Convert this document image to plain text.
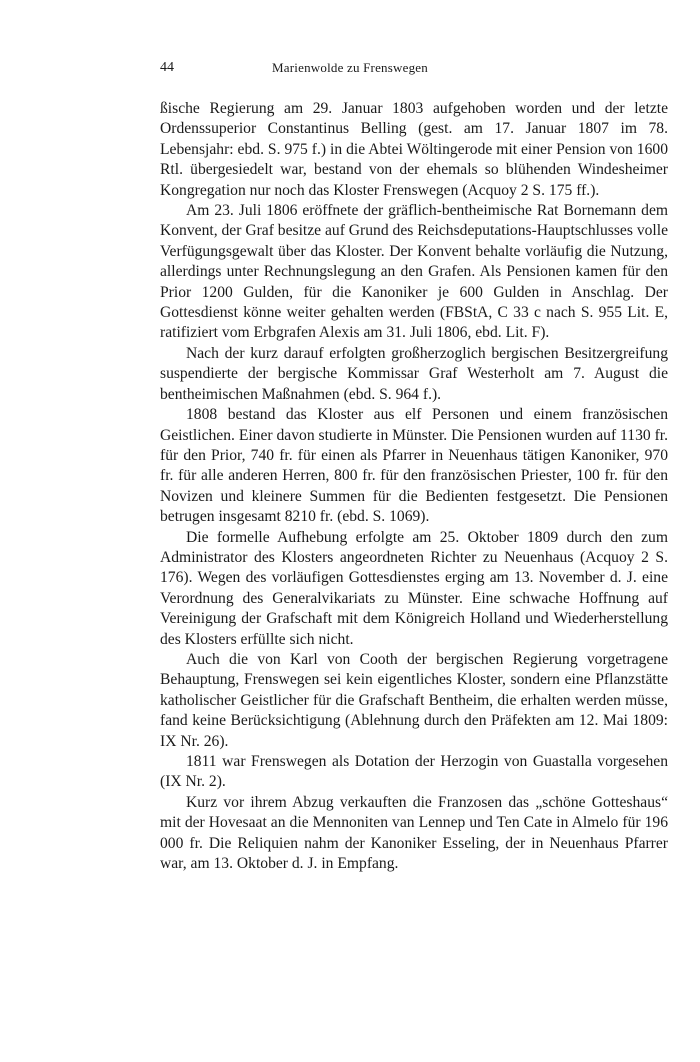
44	Marienwolde zu Frenswegen

ßische Regierung am 29. Januar 1803 aufgehoben worden und der letzte Ordenssuperior Constantinus Belling (gest. am 17. Januar 1807 im 78. Lebensjahr: ebd. S. 975 f.) in die Abtei Wöltingerode mit einer Pension von 1600 Rtl. übergesiedelt war, bestand von der ehemals so blühenden Windesheimer Kongregation nur noch das Kloster Frenswegen (Acquoy 2 S. 175 ff.).

Am 23. Juli 1806 eröffnete der gräflich-bentheimische Rat Bornemann dem Konvent, der Graf besitze auf Grund des Reichsdeputations-Hauptschlusses volle Verfügungsgewalt über das Kloster. Der Konvent behalte vorläufig die Nutzung, allerdings unter Rechnungslegung an den Grafen. Als Pensionen kamen für den Prior 1200 Gulden, für die Kanoniker je 600 Gulden in Anschlag. Der Gottesdienst könne weiter gehalten werden (FBStA, C 33 c nach S. 955 Lit. E, ratifiziert vom Erbgrafen Alexis am 31. Juli 1806, ebd. Lit. F).

Nach der kurz darauf erfolgten großherzoglich bergischen Besitzergreifung suspendierte der bergische Kommissar Graf Westerholt am 7. August die bentheimischen Maßnahmen (ebd. S. 964 f.).

1808 bestand das Kloster aus elf Personen und einem französischen Geistlichen. Einer davon studierte in Münster. Die Pensionen wurden auf 1130 fr. für den Prior, 740 fr. für einen als Pfarrer in Neuenhaus tätigen Kanoniker, 970 fr. für alle anderen Herren, 800 fr. für den französischen Priester, 100 fr. für den Novizen und kleinere Summen für die Bedienten festgesetzt. Die Pensionen betrugen insgesamt 8210 fr. (ebd. S. 1069).

Die formelle Aufhebung erfolgte am 25. Oktober 1809 durch den zum Administrator des Klosters angeordneten Richter zu Neuenhaus (Acquoy 2 S. 176). Wegen des vorläufigen Gottesdienstes erging am 13. November d. J. eine Verordnung des Generalvikariats zu Münster. Eine schwache Hoffnung auf Vereinigung der Grafschaft mit dem Königreich Holland und Wiederherstellung des Klosters erfüllte sich nicht.

Auch die von Karl von Cooth der bergischen Regierung vorgetragene Behauptung, Frenswegen sei kein eigentliches Kloster, sondern eine Pflanzstätte katholischer Geistlicher für die Grafschaft Bentheim, die erhalten werden müsse, fand keine Berücksichtigung (Ablehnung durch den Präfekten am 12. Mai 1809: IX Nr. 26).

1811 war Frenswegen als Dotation der Herzogin von Guastalla vorgesehen (IX Nr. 2).

Kurz vor ihrem Abzug verkauften die Franzosen das „schöne Gotteshaus“ mit der Hovesaat an die Mennoniten van Lennep und Ten Cate in Almelo für 196 000 fr. Die Reliquien nahm der Kanoniker Esseling, der in Neuenhaus Pfarrer war, am 13. Oktober d. J. in Empfang.
